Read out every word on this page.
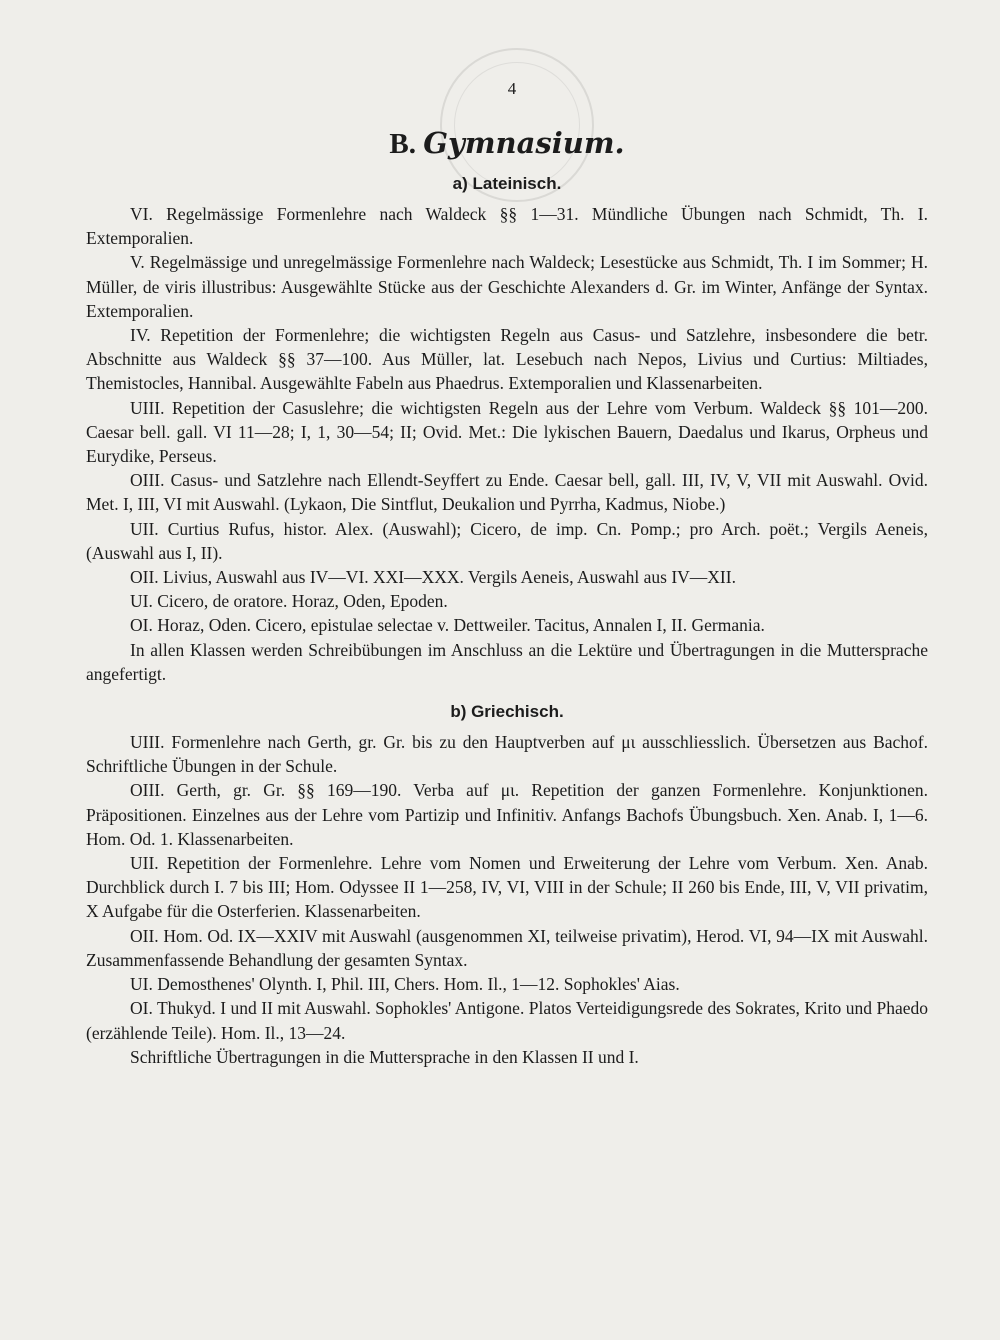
4
B. Gymnasium.
a) Lateinisch.

VI. Regelmässige Formenlehre nach Waldeck §§ 1—31. Mündliche Übungen nach Schmidt, Th. I. Extemporalien.

V. Regelmässige und unregelmässige Formenlehre nach Waldeck; Lesestücke aus Schmidt, Th. I im Sommer; H. Müller, de viris illustribus: Ausgewählte Stücke aus der Geschichte Alexanders d. Gr. im Winter, Anfänge der Syntax. Extemporalien.

IV. Repetition der Formenlehre; die wichtigsten Regeln aus Casus- und Satzlehre, insbesondere die betr. Abschnitte aus Waldeck §§ 37—100. Aus Müller, lat. Lesebuch nach Nepos, Livius und Curtius: Miltiades, Themistocles, Hannibal. Ausgewählte Fabeln aus Phaedrus. Extemporalien und Klassenarbeiten.

UIII. Repetition der Casuslehre; die wichtigsten Regeln aus der Lehre vom Verbum. Waldeck §§ 101—200. Caesar bell. gall. VI 11—28; I, 1, 30—54; II; Ovid. Met.: Die lykischen Bauern, Daedalus und Ikarus, Orpheus und Eurydike, Perseus.

OIII. Casus- und Satzlehre nach Ellendt-Seyffert zu Ende. Caesar bell, gall. III, IV, V, VII mit Auswahl. Ovid. Met. I, III, VI mit Auswahl. (Lykaon, Die Sintflut, Deukalion und Pyrrha, Kadmus, Niobe.)

UII. Curtius Rufus, histor. Alex. (Auswahl); Cicero, de imp. Cn. Pomp.; pro Arch. poët.; Vergils Aeneis, (Auswahl aus I, II).

OII. Livius, Auswahl aus IV—VI. XXI—XXX. Vergils Aeneis, Auswahl aus IV—XII.

UI. Cicero, de oratore. Horaz, Oden, Epoden.

OI. Horaz, Oden. Cicero, epistulae selectae v. Dettweiler. Tacitus, Annalen I, II. Germania.

In allen Klassen werden Schreibübungen im Anschluss an die Lektüre und Übertragungen in die Muttersprache angefertigt.

b) Griechisch.

UIII. Formenlehre nach Gerth, gr. Gr. bis zu den Hauptverben auf μι ausschliesslich. Übersetzen aus Bachof. Schriftliche Übungen in der Schule.

OIII. Gerth, gr. Gr. §§ 169—190. Verba auf μι. Repetition der ganzen Formenlehre. Konjunktionen. Präpositionen. Einzelnes aus der Lehre vom Partizip und Infinitiv. Anfangs Bachofs Übungsbuch. Xen. Anab. I, 1—6. Hom. Od. 1. Klassenarbeiten.

UII. Repetition der Formenlehre. Lehre vom Nomen und Erweiterung der Lehre vom Verbum. Xen. Anab. Durchblick durch I. 7 bis III; Hom. Odyssee II 1—258, IV, VI, VIII in der Schule; II 260 bis Ende, III, V, VII privatim, X Aufgabe für die Osterferien. Klassenarbeiten.

OII. Hom. Od. IX—XXIV mit Auswahl (ausgenommen XI, teilweise privatim), Herod. VI, 94—IX mit Auswahl. Zusammenfassende Behandlung der gesamten Syntax.

UI. Demosthenes' Olynth. I, Phil. III, Chers. Hom. Il., 1—12. Sophokles' Aias.

OI. Thukyd. I und II mit Auswahl. Sophokles' Antigone. Platos Verteidigungsrede des Sokrates, Krito und Phaedo (erzählende Teile). Hom. Il., 13—24.

Schriftliche Übertragungen in die Muttersprache in den Klassen II und I.
